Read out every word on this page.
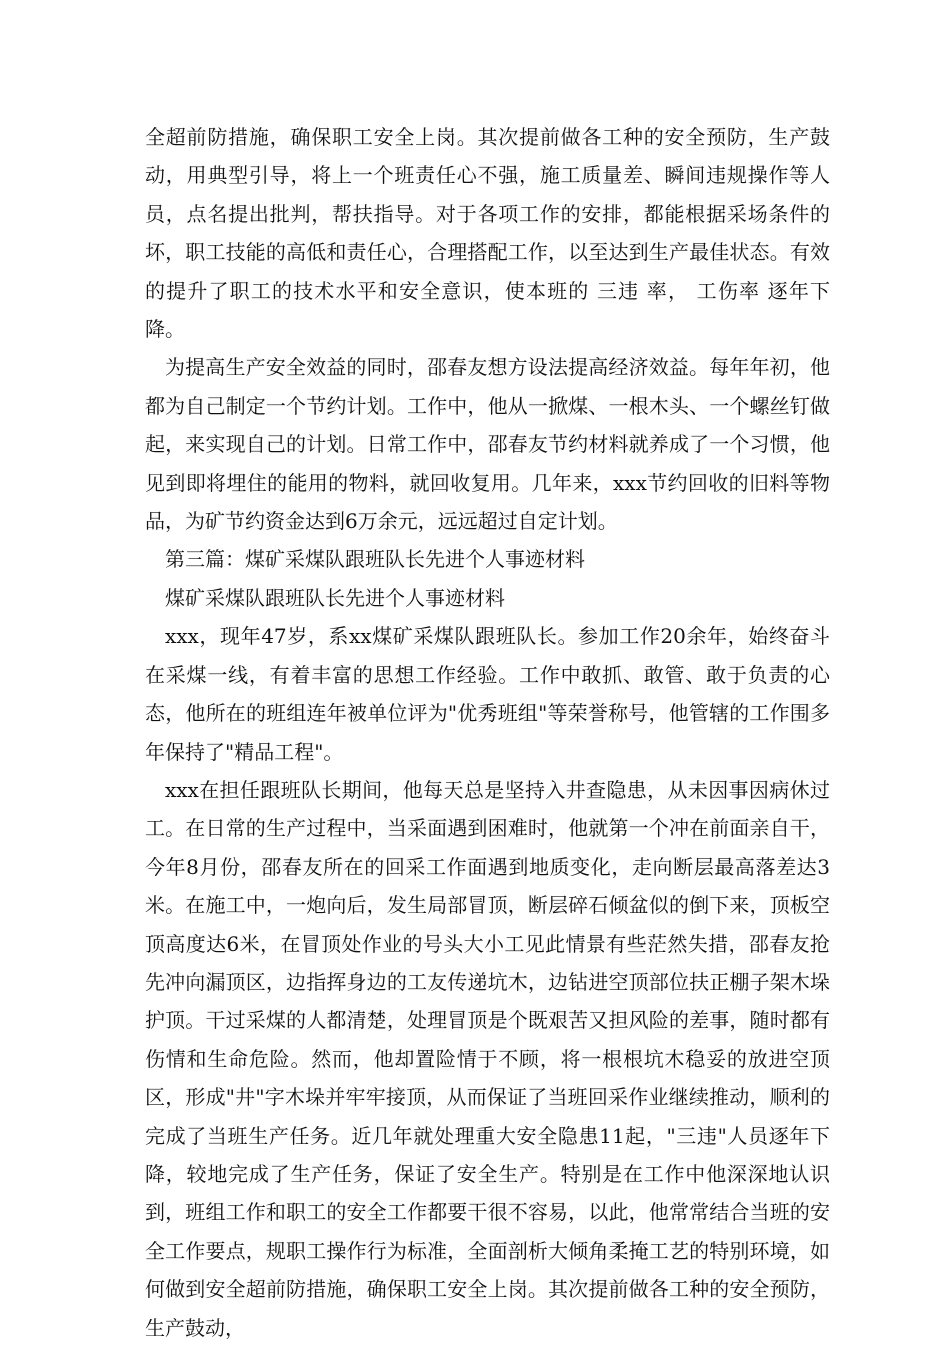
全超前防措施，确保职工安全上岗。其次提前做各工种的安全预防，生产鼓动，用典型引导，将上一个班责任心不强，施工质量差、瞬间违规操作等人员，点名提出批判，帮扶指导。对于各项工作的安排，都能根据采场条件的坏，职工技能的高低和责任心，合理搭配工作，以至达到生产最佳状态。有效的提升了职工的技术水平和安全意识，使本班的 三违 率， 工伤率 逐年下降。

为提高生产安全效益的同时，邵春友想方设法提高经济效益。每年年初，他都为自己制定一个节约计划。工作中，他从一掀煤、一根木头、一个螺丝钉做起，来实现自己的计划。日常工作中，邵春友节约材料就养成了一个习惯，他见到即将埋住的能用的物料，就回收复用。几年来，xxx节约回收的旧料等物品，为矿节约资金达到6万余元，远远超过自定计划。

第三篇：煤矿采煤队跟班队长先进个人事迹材料

煤矿采煤队跟班队长先进个人事迹材料

xxx，现年47岁，系xx煤矿采煤队跟班队长。参加工作20余年，始终奋斗在采煤一线，有着丰富的思想工作经验。工作中敢抓、敢管、敢于负责的心态，他所在的班组连年被单位评为"优秀班组"等荣誉称号，他管辖的工作围多年保持了"精品工程"。

xxx在担任跟班队长期间，他每天总是坚持入井查隐患，从未因事因病休过工。在日常的生产过程中，当采面遇到困难时，他就第一个冲在前面亲自干，今年8月份，邵春友所在的回采工作面遇到地质变化，走向断层最高落差达3米。在施工中，一炮向后，发生局部冒顶，断层碎石倾盆似的倒下来，顶板空顶高度达6米，在冒顶处作业的号头大小工见此情景有些茫然失措，邵春友抢先冲向漏顶区，边指挥身边的工友传递坑木，边钻进空顶部位扶正棚子架木垛护顶。干过采煤的人都清楚，处理冒顶是个既艰苦又担风险的差事，随时都有伤情和生命危险。然而，他却置险情于不顾，将一根根坑木稳妥的放进空顶区，形成"井"字木垛并牢牢接顶，从而保证了当班回采作业继续推动，顺利的完成了当班生产任务。近几年就处理重大安全隐患11起，"三违"人员逐年下降，较地完成了生产任务，保证了安全生产。特别是在工作中他深深地认识到，班组工作和职工的安全工作都要干很不容易，以此，他常常结合当班的安全工作要点，规职工操作行为标准，全面剖析大倾角柔掩工艺的特别环境，如何做到安全超前防措施，确保职工安全上岗。其次提前做各工种的安全预防，生产鼓动，
